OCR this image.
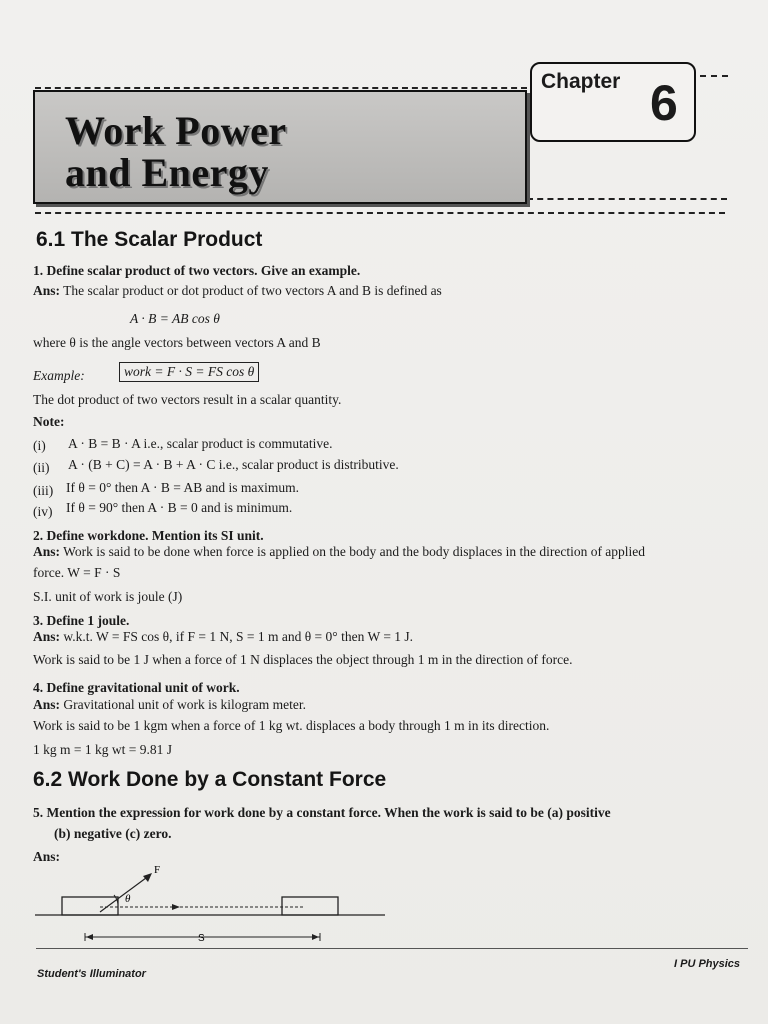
Work Power
and Energy
Chapter 6
6.1 The Scalar Product
1. Define scalar product of two vectors. Give an example.
Ans: The scalar product or dot product of two vectors A and B is defined as
A · B = AB cos θ
where θ is the angle vectors between vectors A and B
Example:	work = F · S = FS cos θ
The dot product of two vectors result in a scalar quantity.
Note:
(i) A · B = B · A i.e., scalar product is commutative.
(ii) A · (B + C) = A · B + A · C i.e., scalar product is distributive.
(iii) If θ = 0° then A · B = AB and is maximum.
(iv) If θ = 90° then A · B = 0 and is minimum.
2. Define workdone. Mention its SI unit.
Ans: Work is said to be done when force is applied on the body and the body displaces in the direction of applied
force. W = F · S
S.I. unit of work is joule (J)
3. Define 1 joule.
Ans: w.k.t. W = FS cos θ, if F = 1 N, S = 1 m and θ = 0° then W = 1 J.
Work is said to be 1 J when a force of 1 N displaces the object through 1 m in the direction of force.
4. Define gravitational unit of work.
Ans: Gravitational unit of work is kilogram meter.
Work is said to be 1 kgm when a force of 1 kg wt. displaces a body through 1 m in its direction.
1 kg m = 1 kg wt = 9.81 J
6.2 Work Done by a Constant Force
5. Mention the expression for work done by a constant force. When the work is said to be (a) positive
(b) negative (c) zero.
Ans:
F
θ
S
Student's Illuminator
I PU Physics
